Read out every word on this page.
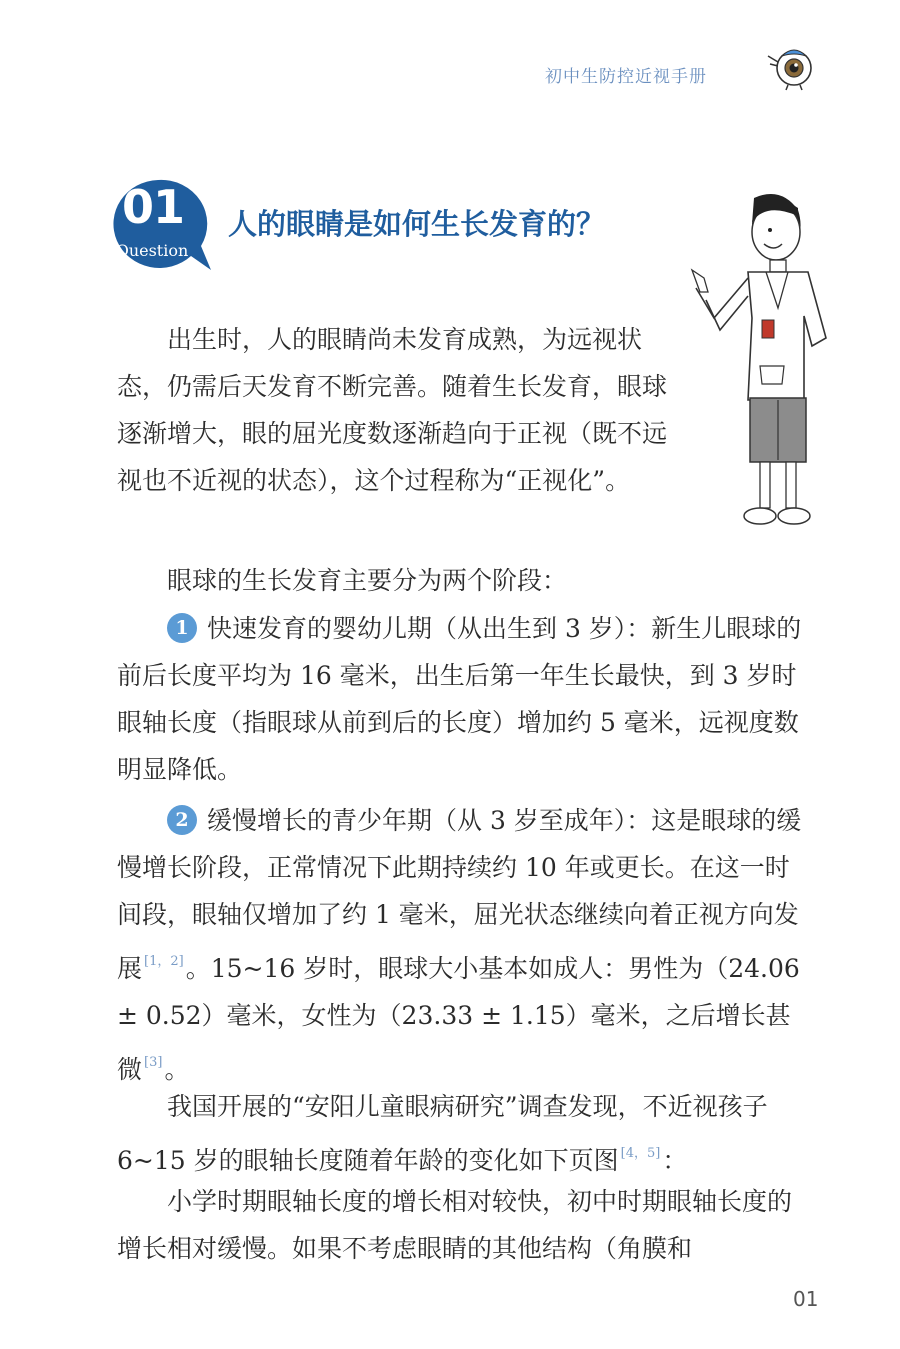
初中生防控近视手册
01
Question
人的眼睛是如何生长发育的？

出生时，人的眼睛尚未发育成熟，为远视状态，仍需后天发育不断完善。随着生长发育，眼球逐渐增大，眼的屈光度数逐渐趋向于正视（既不远视也不近视的状态），这个过程称为“正视化”。

眼球的生长发育主要分为两个阶段：

1 快速发育的婴幼儿期（从出生到 3 岁）：新生儿眼球的前后长度平均为 16 毫米，出生后第一年生长最快，到 3 岁时眼轴长度（指眼球从前到后的长度）增加约 5 毫米，远视度数明显降低。

2 缓慢增长的青少年期（从 3 岁至成年）：这是眼球的缓慢增长阶段，正常情况下此期持续约 10 年或更长。在这一时间段，眼轴仅增加了约 1 毫米，屈光状态继续向着正视方向发展 [1，2]。15~16 岁时，眼球大小基本如成人：男性为（24.06 ± 0.52）毫米，女性为（23.33 ± 1.15）毫米，之后增长甚微 [3]。

我国开展的“安阳儿童眼病研究”调查发现，不近视孩子 6~15 岁的眼轴长度随着年龄的变化如下页图 [4，5]：

小学时期眼轴长度的增长相对较快，初中时期眼轴长度的增长相对缓慢。如果不考虑眼睛的其他结构（角膜和

01
